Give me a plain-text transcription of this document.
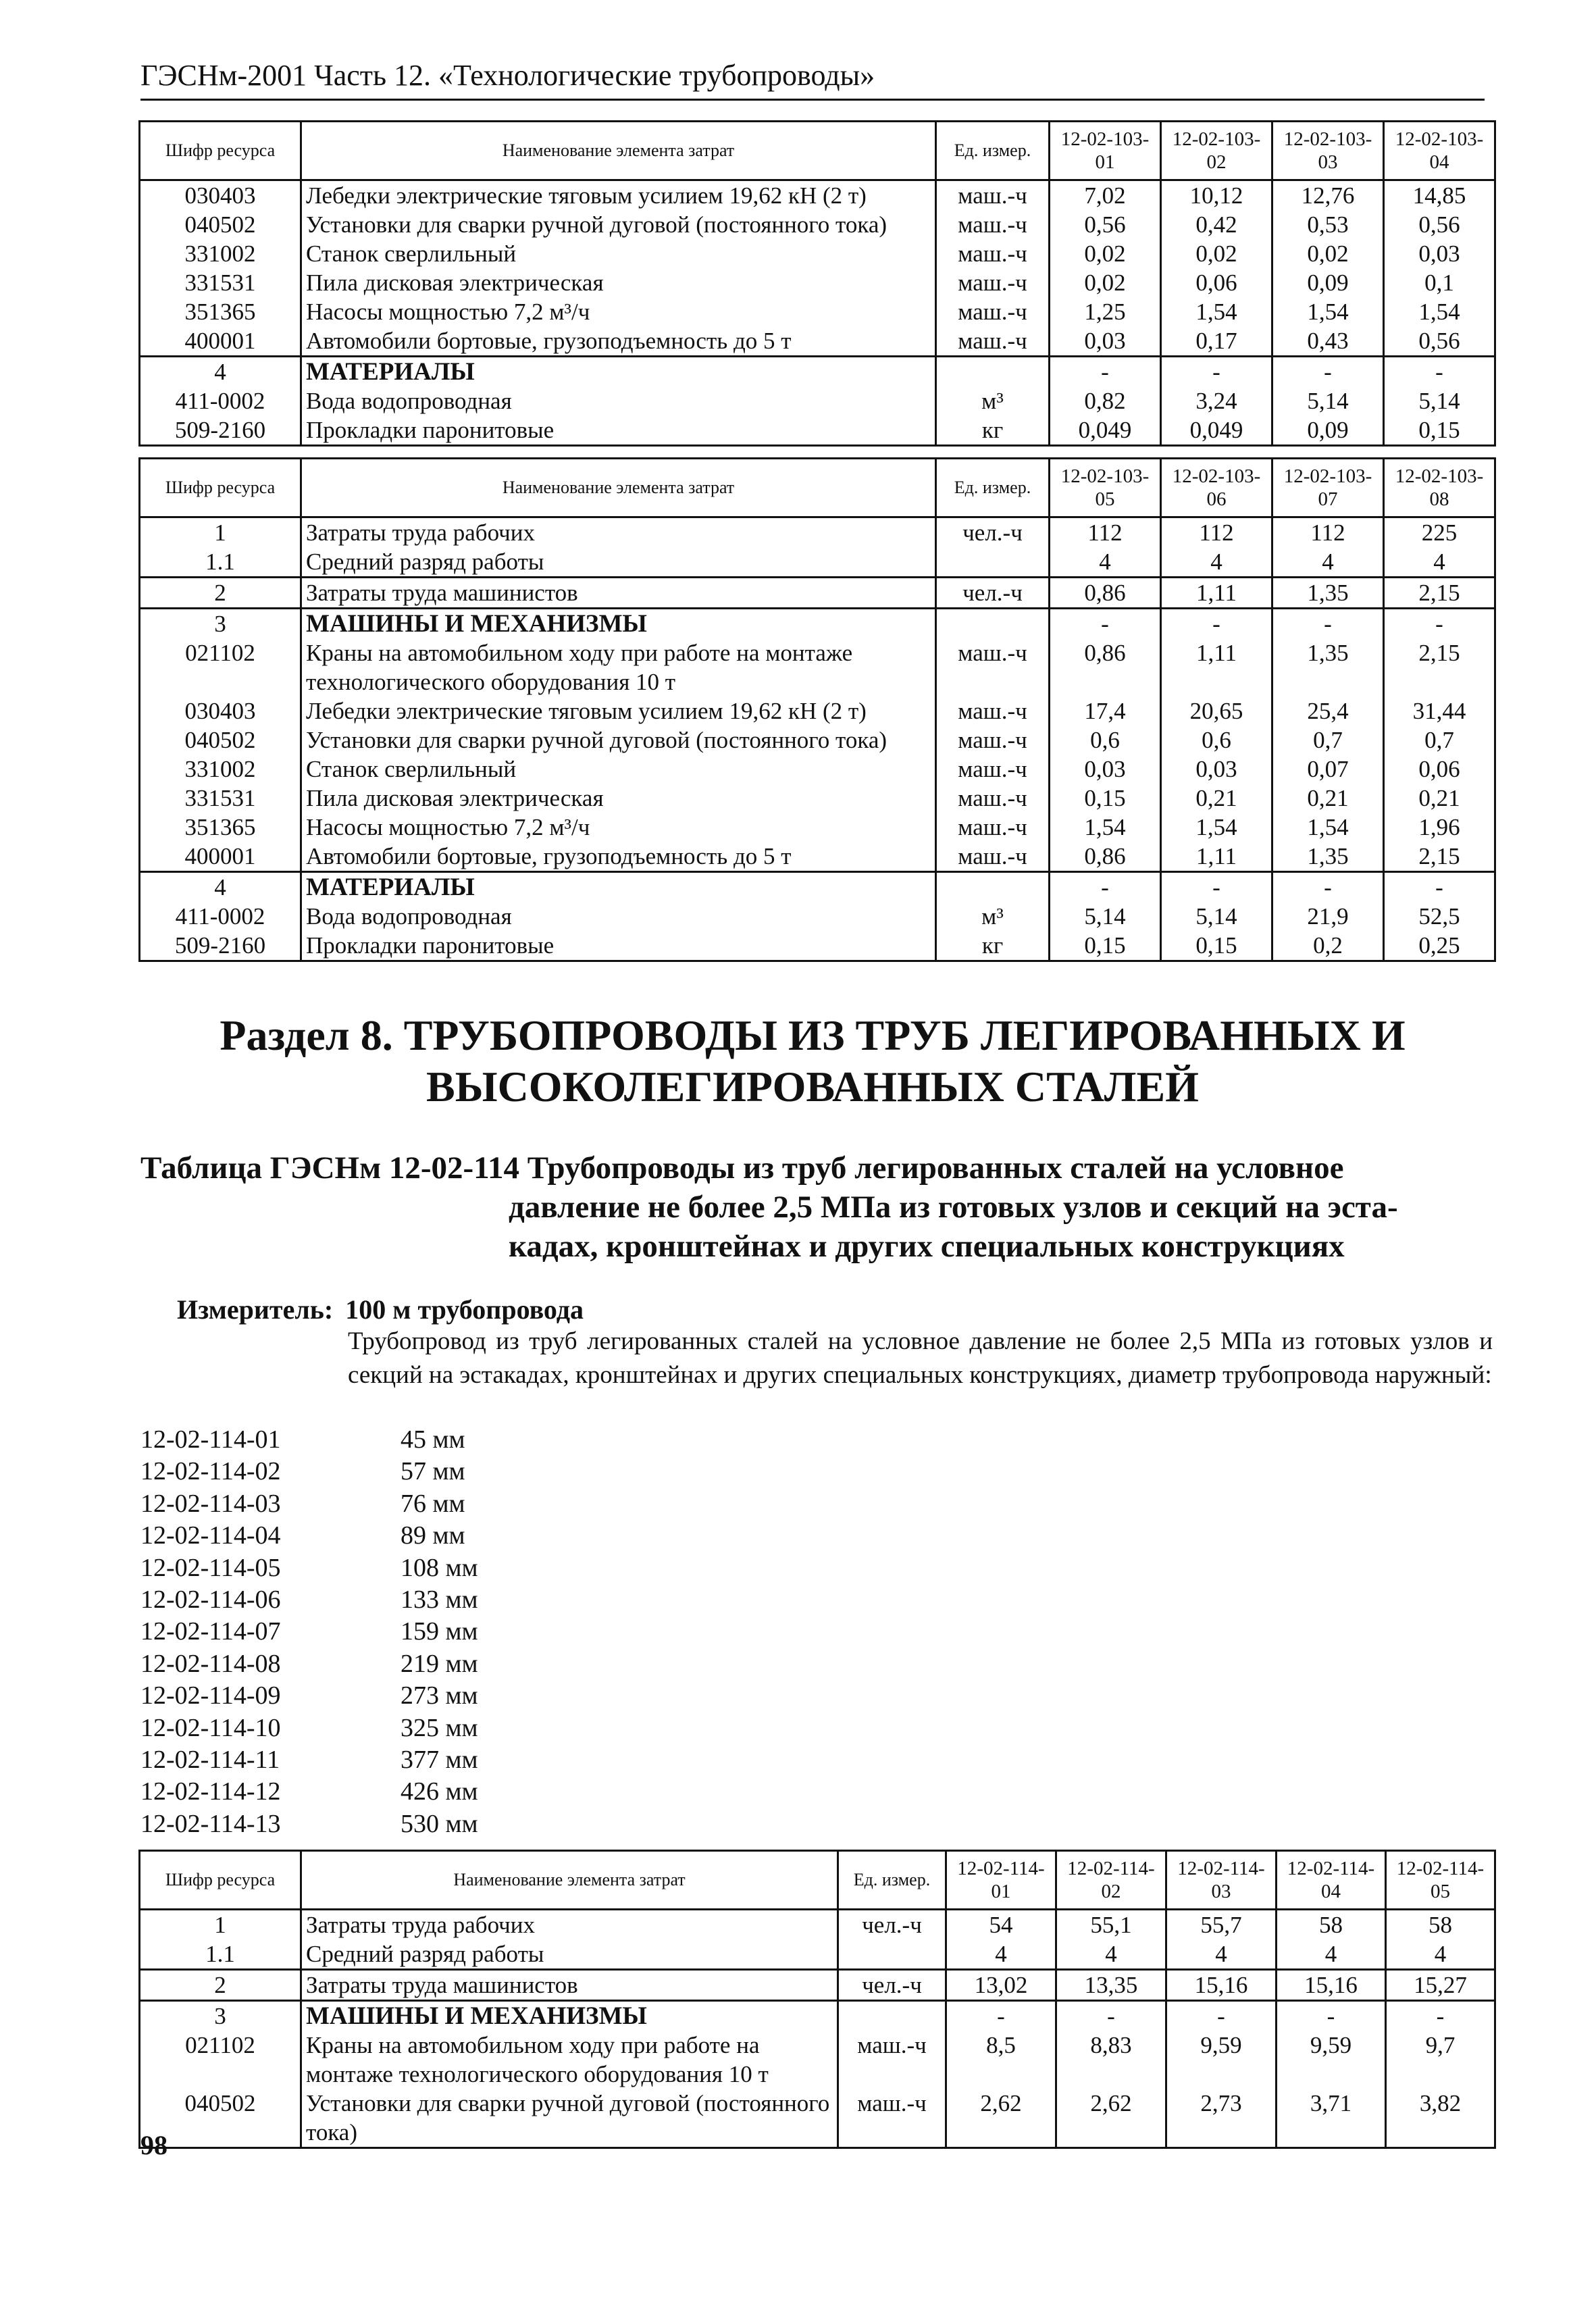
ГЭСНм-2001 Часть 12. «Технологические трубопроводы»
Шифр ресурса	Наименование элемента затрат	Ед. измер.	12-02-103-01	12-02-103-02	12-02-103-03	12-02-103-04
030403	Лебедки электрические тяговым усилием 19,62 кН (2 т)	маш.-ч	7,02	10,12	12,76	14,85
040502	Установки для сварки ручной дуговой (постоянного тока)	маш.-ч	0,56	0,42	0,53	0,56
331002	Станок сверлильный	маш.-ч	0,02	0,02	0,02	0,03
331531	Пила дисковая электрическая	маш.-ч	0,02	0,06	0,09	0,1
351365	Насосы мощностью 7,2 м³/ч	маш.-ч	1,25	1,54	1,54	1,54
400001	Автомобили бортовые, грузоподъемность до 5 т	маш.-ч	0,03	0,17	0,43	0,56
4	МАТЕРИАЛЫ		-	-	-	-
411-0002	Вода водопроводная	м³	0,82	3,24	5,14	5,14
509-2160	Прокладки паронитовые	кг	0,049	0,049	0,09	0,15
Шифр ресурса	Наименование элемента затрат	Ед. измер.	12-02-103-05	12-02-103-06	12-02-103-07	12-02-103-08
1	Затраты труда рабочих	чел.-ч	112	112	112	225
1.1	Средний разряд работы		4	4	4	4
2	Затраты труда машинистов	чел.-ч	0,86	1,11	1,35	2,15
3	МАШИНЫ И МЕХАНИЗМЫ		-	-	-	-
021102	Краны на автомобильном ходу при работе на монтаже технологического оборудования 10 т	маш.-ч	0,86	1,11	1,35	2,15
030403	Лебедки электрические тяговым усилием 19,62 кН (2 т)	маш.-ч	17,4	20,65	25,4	31,44
040502	Установки для сварки ручной дуговой (постоянного тока)	маш.-ч	0,6	0,6	0,7	0,7
331002	Станок сверлильный	маш.-ч	0,03	0,03	0,07	0,06
331531	Пила дисковая электрическая	маш.-ч	0,15	0,21	0,21	0,21
351365	Насосы мощностью 7,2 м³/ч	маш.-ч	1,54	1,54	1,54	1,96
400001	Автомобили бортовые, грузоподъемность до 5 т	маш.-ч	0,86	1,11	1,35	2,15
4	МАТЕРИАЛЫ		-	-	-	-
411-0002	Вода водопроводная	м³	5,14	5,14	21,9	52,5
509-2160	Прокладки паронитовые	кг	0,15	0,15	0,2	0,25
Раздел 8. ТРУБОПРОВОДЫ ИЗ ТРУБ ЛЕГИРОВАННЫХ И ВЫСОКОЛЕГИРОВАННЫХ СТАЛЕЙ
Таблица ГЭСНм 12-02-114 Трубопроводы из труб легированных сталей на условное
давление не более 2,5 МПа из готовых узлов и секций на эста-
кадах, кронштейнах и других специальных конструкциях
Измеритель: 100 м трубопровода
Трубопровод из труб легированных сталей на условное давление не более 2,5 МПа из готовых узлов и секций на эстакадах, кронштейнах и других специальных конструкциях, диаметр трубопровода наружный:
12-02-114-01	45 мм
12-02-114-02	57 мм
12-02-114-03	76 мм
12-02-114-04	89 мм
12-02-114-05	108 мм
12-02-114-06	133 мм
12-02-114-07	159 мм
12-02-114-08	219 мм
12-02-114-09	273 мм
12-02-114-10	325 мм
12-02-114-11	377 мм
12-02-114-12	426 мм
12-02-114-13	530 мм
Шифр ресурса	Наименование элемента затрат	Ед. измер.	12-02-114-01	12-02-114-02	12-02-114-03	12-02-114-04	12-02-114-05
1	Затраты труда рабочих	чел.-ч	54	55,1	55,7	58	58
1.1	Средний разряд работы		4	4	4	4	4
2	Затраты труда машинистов	чел.-ч	13,02	13,35	15,16	15,16	15,27
3	МАШИНЫ И МЕХАНИЗМЫ		-	-	-	-	-
021102	Краны на автомобильном ходу при работе на монтаже технологического оборудования 10 т	маш.-ч	8,5	8,83	9,59	9,59	9,7
040502	Установки для сварки ручной дуговой (постоянного тока)	маш.-ч	2,62	2,62	2,73	3,71	3,82
98
